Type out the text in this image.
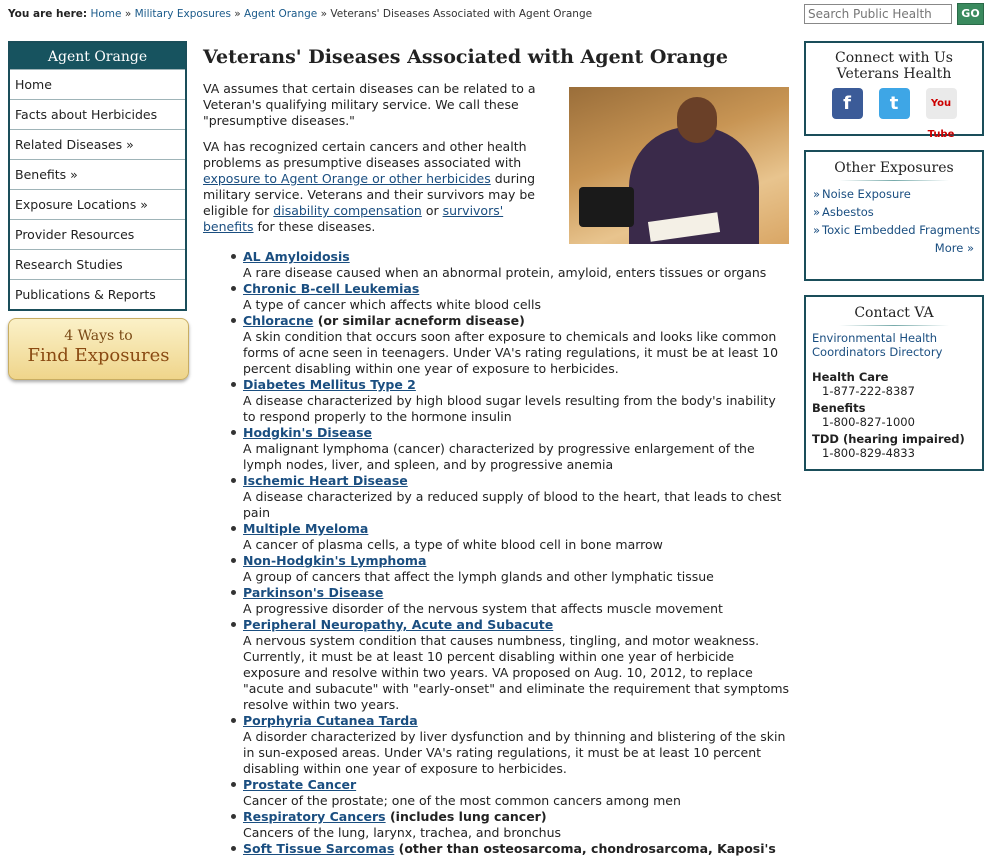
You are here: Home » Military Exposures » Agent Orange » Veterans' Diseases Associated with Agent Orange
Search Public Health	GO
Agent Orange
Home
Facts about Herbicides
Related Diseases »
Benefits »
Exposure Locations »
Provider Resources
Research Studies
Publications & Reports
4 Ways to
Find Exposures
Veterans' Diseases Associated with Agent Orange

VA assumes that certain diseases can be related to a Veteran's qualifying military service. We call these "presumptive diseases."

VA has recognized certain cancers and other health problems as presumptive diseases associated with exposure to Agent Orange or other herbicides during military service. Veterans and their survivors may be eligible for disability compensation or survivors' benefits for these diseases.

AL Amyloidosis
A rare disease caused when an abnormal protein, amyloid, enters tissues or organs
Chronic B-cell Leukemias
A type of cancer which affects white blood cells
Chloracne (or similar acneform disease)
A skin condition that occurs soon after exposure to chemicals and looks like common forms of acne seen in teenagers. Under VA's rating regulations, it must be at least 10 percent disabling within one year of exposure to herbicides.
Diabetes Mellitus Type 2
A disease characterized by high blood sugar levels resulting from the body's inability to respond properly to the hormone insulin
Hodgkin's Disease
A malignant lymphoma (cancer) characterized by progressive enlargement of the lymph nodes, liver, and spleen, and by progressive anemia
Ischemic Heart Disease
A disease characterized by a reduced supply of blood to the heart, that leads to chest pain
Multiple Myeloma
A cancer of plasma cells, a type of white blood cell in bone marrow
Non-Hodgkin's Lymphoma
A group of cancers that affect the lymph glands and other lymphatic tissue
Parkinson's Disease
A progressive disorder of the nervous system that affects muscle movement
Peripheral Neuropathy, Acute and Subacute
A nervous system condition that causes numbness, tingling, and motor weakness. Currently, it must be at least 10 percent disabling within one year of herbicide exposure and resolve within two years. VA proposed on Aug. 10, 2012, to replace "acute and subacute" with "early-onset" and eliminate the requirement that symptoms resolve within two years.
Porphyria Cutanea Tarda
A disorder characterized by liver dysfunction and by thinning and blistering of the skin in sun-exposed areas. Under VA's rating regulations, it must be at least 10 percent disabling within one year of exposure to herbicides.
Prostate Cancer
Cancer of the prostate; one of the most common cancers among men
Respiratory Cancers (includes lung cancer)
Cancers of the lung, larynx, trachea, and bronchus
Soft Tissue Sarcomas (other than osteosarcoma, chondrosarcoma, Kaposi's
Connect with Us Veterans Health
f	t	You Tube
Other Exposures
» Noise Exposure
» Asbestos
» Toxic Embedded Fragments
More »
Contact VA
Environmental Health Coordinators Directory
Health Care
1-877-222-8387
Benefits
1-800-827-1000
TDD (hearing impaired)
1-800-829-4833
